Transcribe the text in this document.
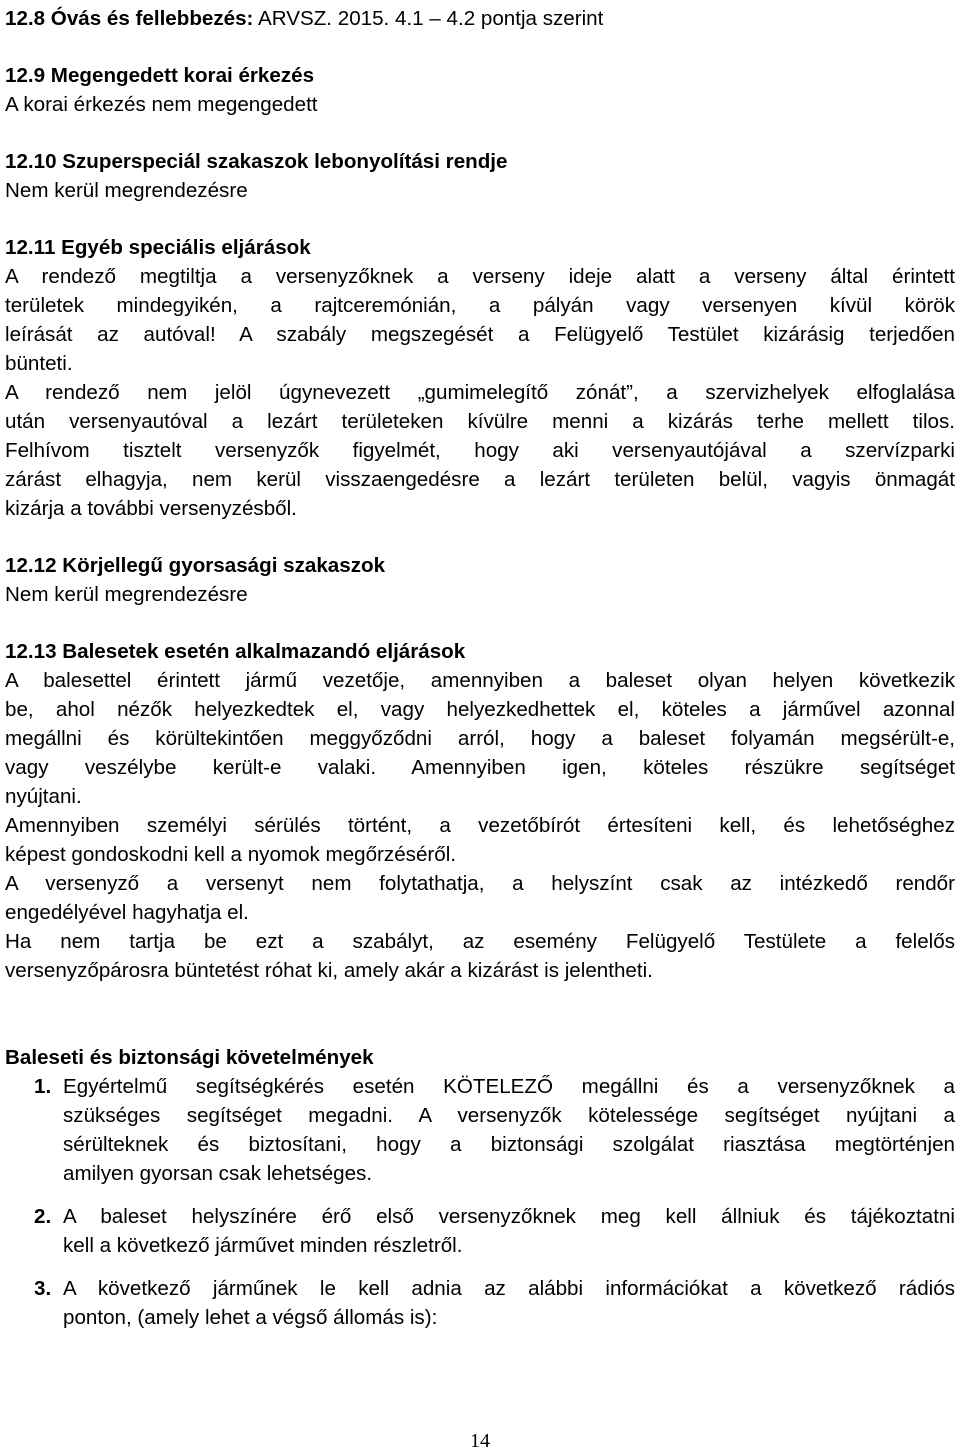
12.8 Óvás és fellebbezés: ARVSZ. 2015. 4.1 – 4.2 pontja szerint
12.9 Megengedett korai érkezés
A korai érkezés nem megengedett
12.10 Szuperspeciál szakaszok lebonyolítási rendje
Nem kerül megrendezésre
12.11 Egyéb speciális eljárások
A rendező megtiltja a versenyzőknek a verseny ideje alatt a verseny által érintett
területek mindegyikén, a rajtceremónián, a pályán vagy versenyen kívül körök
leírását az autóval! A szabály megszegését a Felügyelő Testület kizárásig terjedően
bünteti.
A rendező nem jelöl úgynevezett „gumimelegítő zónát”, a szervizhelyek elfoglalása
után versenyautóval a lezárt területeken kívülre menni a kizárás terhe mellett tilos.
Felhívom tisztelt versenyzők figyelmét, hogy aki versenyautójával a szervízparki
zárást elhagyja, nem kerül visszaengedésre a lezárt területen belül, vagyis önmagát
kizárja a további versenyzésből.
12.12 Körjellegű gyorsasági szakaszok
Nem kerül megrendezésre
12.13 Balesetek esetén alkalmazandó eljárások
A balesettel érintett jármű vezetője, amennyiben a baleset olyan helyen következik
be, ahol nézők helyezkedtek el, vagy helyezkedhettek el, köteles a járművel azonnal
megállni és körültekintően meggyőződni arról, hogy a baleset folyamán megsérült-e,
vagy veszélybe került-e valaki. Amennyiben igen, köteles részükre segítséget
nyújtani.
Amennyiben személyi sérülés történt, a vezetőbírót értesíteni kell, és lehetőséghez
képest gondoskodni kell a nyomok megőrzéséről.
A versenyző a versenyt nem folytathatja, a helyszínt csak az intézkedő rendőr
engedélyével hagyhatja el.
Ha nem tartja be ezt a szabályt, az esemény Felügyelő Testülete a felelős
versenyzőpárosra büntetést róhat ki, amely akár a kizárást is jelentheti.
Baleseti és biztonsági követelmények
1. Egyértelmű segítségkérés esetén KÖTELEZŐ megállni és a versenyzőknek a
szükséges segítséget megadni. A versenyzők kötelessége segítséget nyújtani a
sérülteknek és biztosítani, hogy a biztonsági szolgálat riasztása megtörténjen
amilyen gyorsan csak lehetséges.
2. A baleset helyszínére érő első versenyzőknek meg kell állniuk és tájékoztatni
kell a következő járművet minden részletről.
3. A következő járműnek le kell adnia az alábbi információkat a következő rádiós
ponton, (amely lehet a végső állomás is):
14
